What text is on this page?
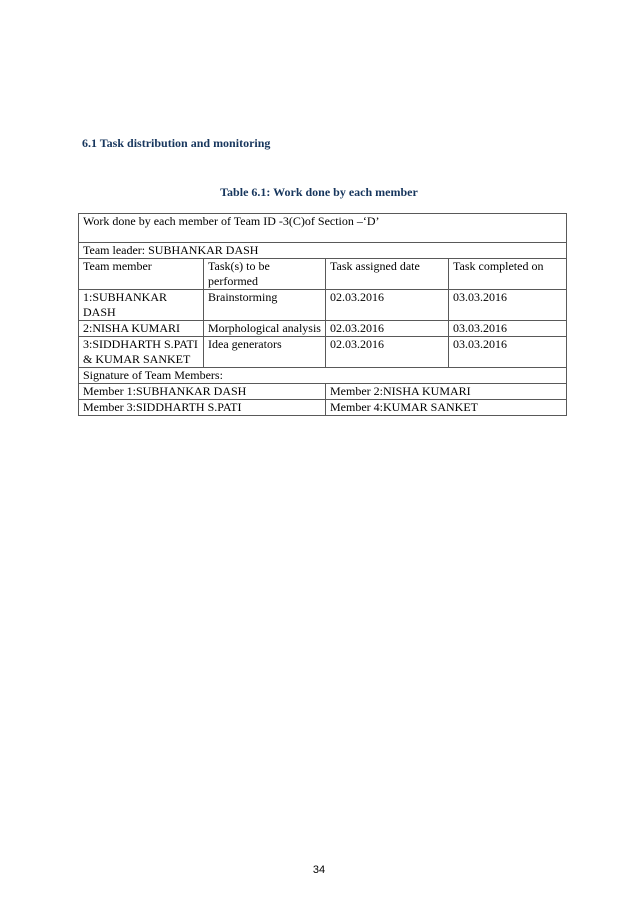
6.1 Task distribution and monitoring

Table 6.1: Work done by each member

Work done by each member of Team ID -3(C)of Section –‘D’			
Team leader: SUBHANKAR DASH			
Team member	Task(s) to be performed	Task assigned date	Task completed on
1:SUBHANKAR DASH	Brainstorming	02.03.2016	03.03.2016
2:NISHA KUMARI	Morphological analysis	02.03.2016	03.03.2016
3:SIDDHARTH S.PATI & KUMAR SANKET	Idea generators	02.03.2016	03.03.2016
Signature of Team Members:			
Member 1:SUBHANKAR DASH		Member 2:NISHA KUMARI	
Member 3:SIDDHARTH S.PATI		Member 4:KUMAR SANKET	

34
